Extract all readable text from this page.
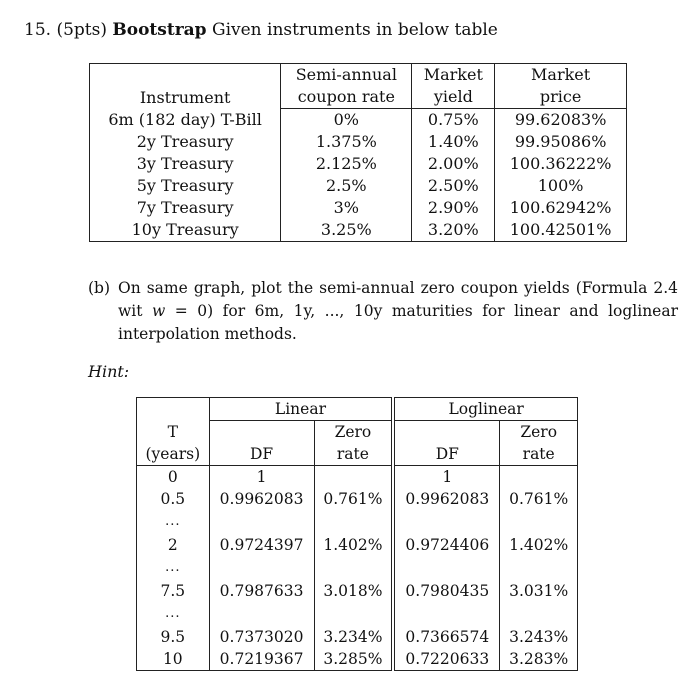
15. (5pts) Bootstrap Given instruments in below table
Instrument	Semi-annual	Market	Market
	coupon rate	yield	price
6m (182 day) T-Bill	0%	0.75%	99.62083%
2y Treasury	1.375%	1.40%	99.95086%
3y Treasury	2.125%	2.00%	100.36222%
5y Treasury	2.5%	2.50%	100%
7y Treasury	3%	2.90%	100.62942%
10y Treasury	3.25%	3.20%	100.42501%
(b) On same graph, plot the semi-annual zero coupon yields (Formula 2.4 wit w = 0) for 6m, 1y, ..., 10y maturities for linear and loglinear interpolation methods.
Hint:
	Linear		Loglinear	
T	DF	Zero	DF	Zero
(years)		rate		rate
0	1		1	
0.5	0.9962083	0.761%	0.9962083	0.761%
...				
2	0.9724397	1.402%	0.9724406	1.402%
...				
7.5	0.7987633	3.018%	0.7980435	3.031%
...				
9.5	0.7373020	3.234%	0.7366574	3.243%
10	0.7219367	3.285%	0.7220633	3.283%
